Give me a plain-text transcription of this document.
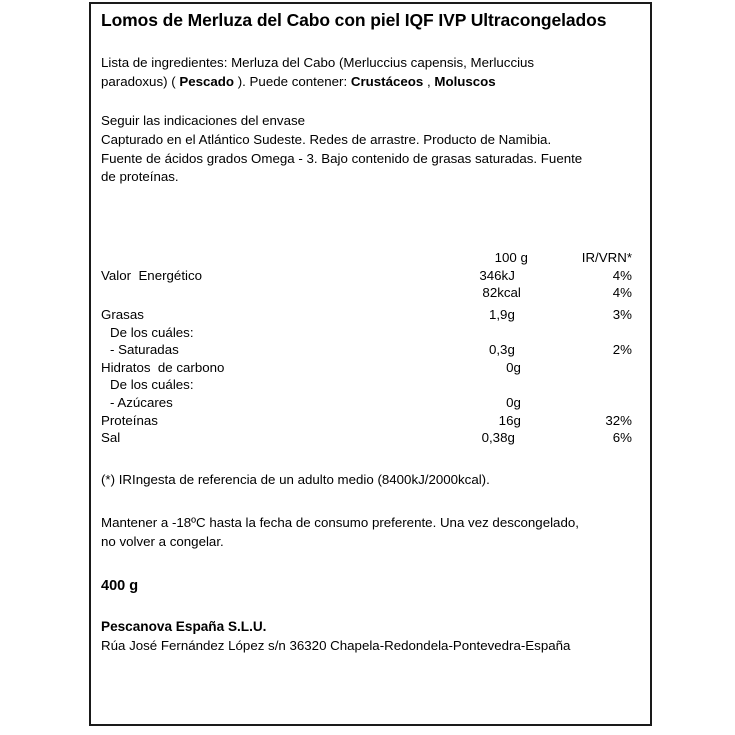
Lomos de Merluza del Cabo con piel IQF IVP Ultracongelados

Lista de ingredientes: Merluza del Cabo (Merluccius capensis, Merluccius

paradoxus) ( Pescado ). Puede contener: Crustáceos , Moluscos

Seguir las indicaciones del envase

Capturado en el Atlántico Sudeste. Redes de arrastre. Producto de Namibia.

Fuente de ácidos grados Omega - 3. Bajo contenido de grasas saturadas. Fuente

de proteínas.

	100 g	IR/VRN*
Valor  Energético	346kJ	4%
	82kcal	4%

Grasas	1,9g	3%
De los cuáles:		
- Saturadas	0,3g	2%
Hidratos  de carbono	0g	
De los cuáles:		
- Azúcares	0g	
Proteínas	16g	32%
Sal	0,38g	6%

(*) IRIngesta de referencia de un adulto medio (8400kJ/2000kcal).

Mantener a -18ºC hasta la fecha de consumo preferente. Una vez descongelado,

no volver a congelar.

400 g

Pescanova España S.L.U.

Rúa José Fernández López s/n 36320 Chapela-Redondela-Pontevedra-España
